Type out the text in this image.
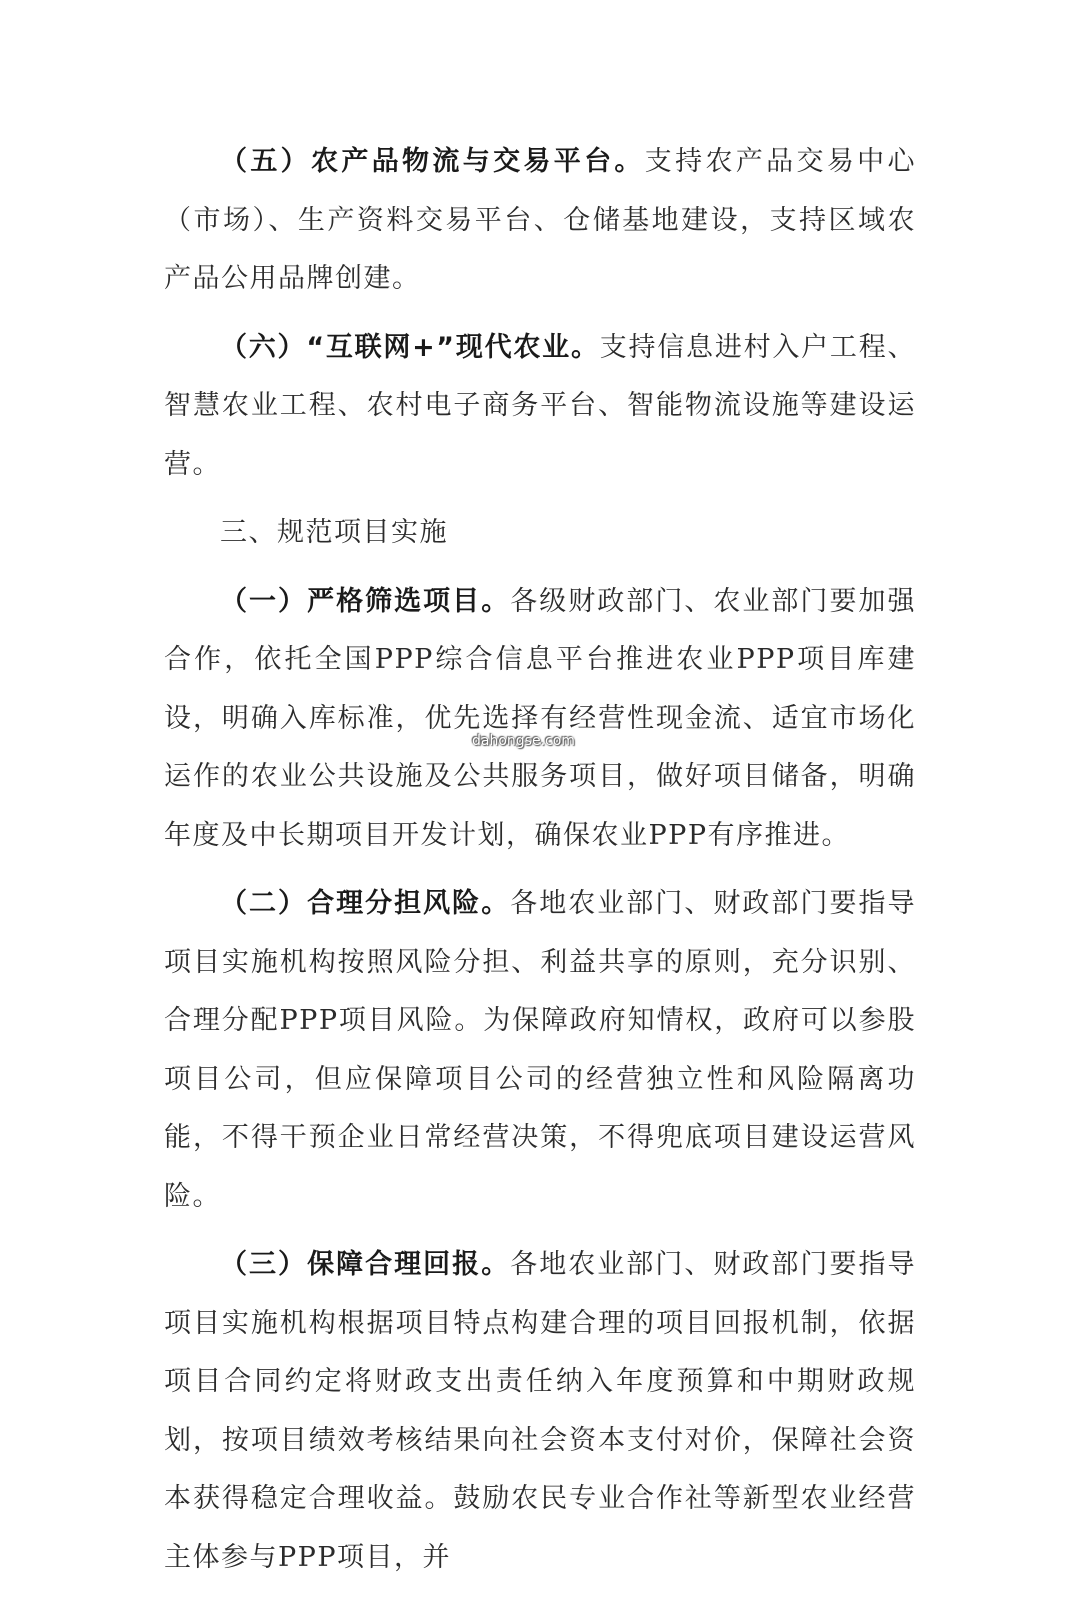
（五）农产品物流与交易平台。支持农产品交易中心（市场）、生产资料交易平台、仓储基地建设，支持区域农产品公用品牌创建。

（六）“互联网+”现代农业。支持信息进村入户工程、智慧农业工程、农村电子商务平台、智能物流设施等建设运营。

三、规范项目实施

（一）严格筛选项目。各级财政部门、农业部门要加强合作，依托全国PPP综合信息平台推进农业PPP项目库建设，明确入库标准，优先选择有经营性现金流、适宜市场化运作的农业公共设施及公共服务项目，做好项目储备，明确年度及中长期项目开发计划，确保农业PPP有序推进。

（二）合理分担风险。各地农业部门、财政部门要指导项目实施机构按照风险分担、利益共享的原则，充分识别、合理分配PPP项目风险。为保障政府知情权，政府可以参股项目公司，但应保障项目公司的经营独立性和风险隔离功能，不得干预企业日常经营决策，不得兜底项目建设运营风险。

（三）保障合理回报。各地农业部门、财政部门要指导项目实施机构根据项目特点构建合理的项目回报机制，依据项目合同约定将财政支出责任纳入年度预算和中期财政规划，按项目绩效考核结果向社会资本支付对价，保障社会资本获得稳定合理收益。鼓励农民专业合作社等新型农业经营主体参与PPP项目，并

dahongse.com
